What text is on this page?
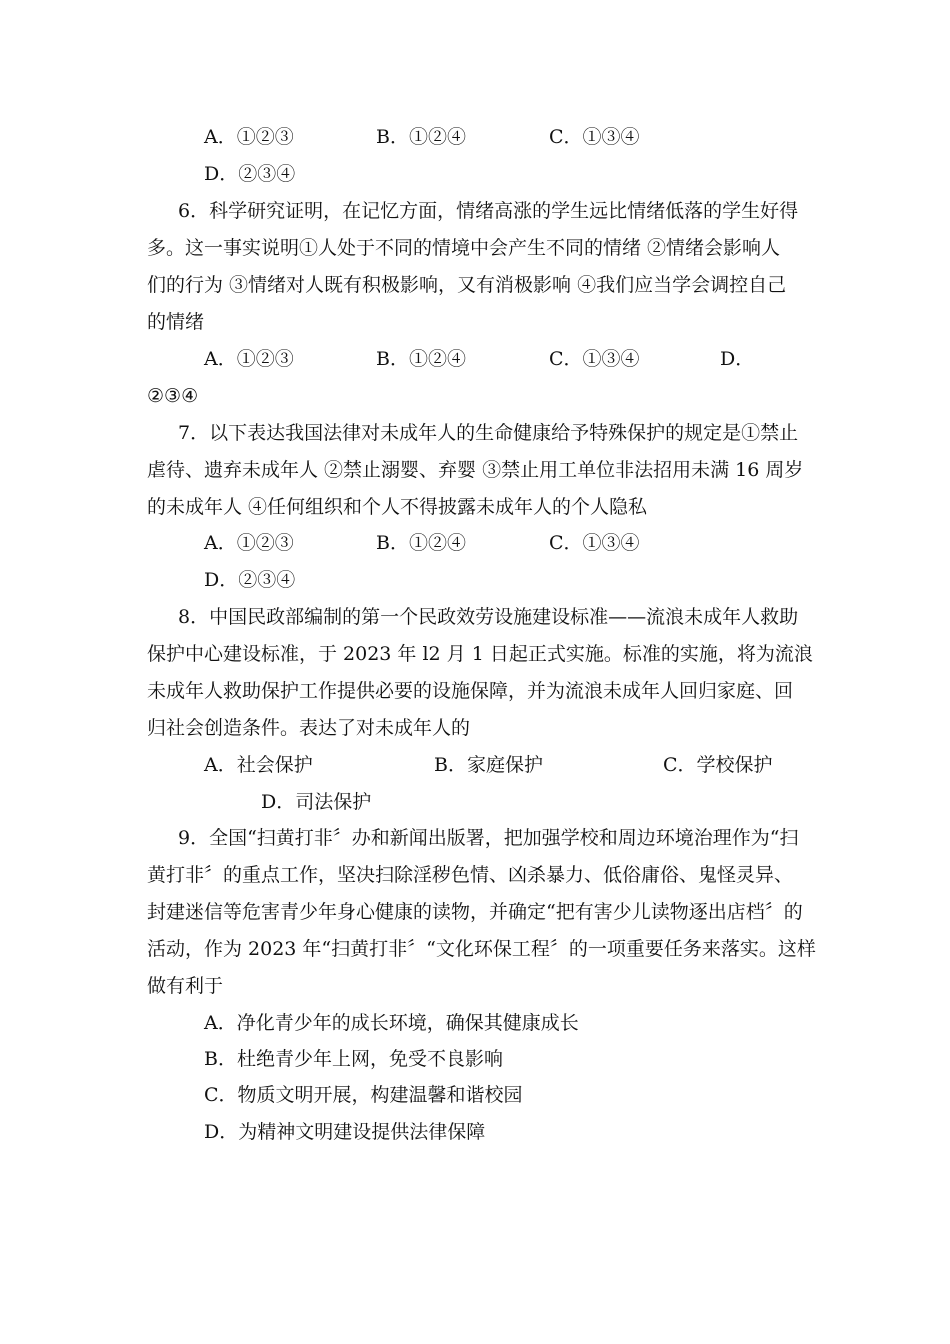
A．①②③	B．①②④	C．①③④
D．②③④
6．科学研究证明，在记忆方面，情绪高涨的学生远比情绪低落的学生好得
多。这一事实说明①人处于不同的情境中会产生不同的情绪 ②情绪会影响人
们的行为 ③情绪对人既有积极影响，又有消极影响 ④我们应当学会调控自己
的情绪
A．①②③	B．①②④	C．①③④	D．
②③④
7．以下表达我国法律对未成年人的生命健康给予特殊保护的规定是①禁止
虐待、遗弃未成年人 ②禁止溺婴、弃婴 ③禁止用工单位非法招用未满 16 周岁
的未成年人 ④任何组织和个人不得披露未成年人的个人隐私
A．①②③	B．①②④	C．①③④
D．②③④
8．中国民政部编制的第一个民政效劳设施建设标准——流浪未成年人救助
保护中心建设标准，于 2023 年 l2 月 1 日起正式实施。标准的实施，将为流浪
未成年人救助保护工作提供必要的设施保障，并为流浪未成年人回归家庭、回
归社会创造条件。表达了对未成年人的
A．社会保护	B．家庭保护	C．学校保护
D．司法保护
9．全国“扫黄打非〞办和新闻出版署，把加强学校和周边环境治理作为“扫
黄打非〞的重点工作，坚决扫除淫秽色情、凶杀暴力、低俗庸俗、鬼怪灵异、
封建迷信等危害青少年身心健康的读物，并确定“把有害少儿读物逐出店档〞的
活动，作为 2023 年“扫黄打非〞“文化环保工程〞的一项重要任务来落实。这样
做有利于
A．净化青少年的成长环境，确保其健康成长
B．杜绝青少年上网，免受不良影响
C．物质文明开展，构建温馨和谐校园
D．为精神文明建设提供法律保障
